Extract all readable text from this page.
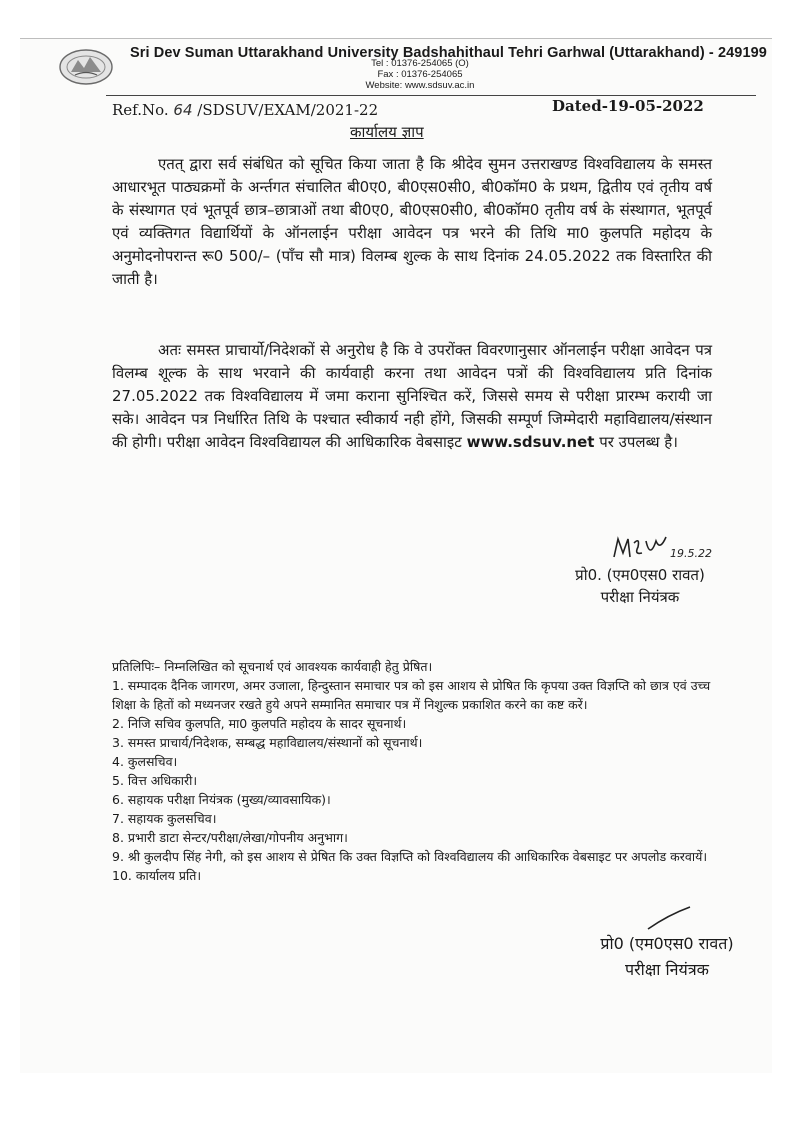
Sri Dev Suman Uttarakhand University Badshahithaul Tehri Garhwal (Uttarakhand) - 249199
Tel : 01376-254065 (O)
Fax : 01376-254065
Website: www.sdsuv.ac.in
Ref.No. 64 /SDSUV/EXAM/2021-22	Dated-19-05-2022
कार्यालय ज्ञाप
एतत् द्वारा सर्व संबंधित को सूचित किया जाता है कि श्रीदेव सुमन उत्तराखण्ड विश्वविद्यालय के समस्त आधारभूत पाठ्यक्रमों के अर्न्तगत संचालित बी0ए0, बी0एस0सी0, बी0कॉम0 के प्रथम, द्वितीय एवं तृतीय वर्ष के संस्थागत एवं भूतपूर्व छात्र–छात्राओं तथा बी0ए0, बी0एस0सी0, बी0कॉम0 तृतीय वर्ष के संस्थागत, भूतपूर्व एवं व्यक्तिगत विद्यार्थियों के ऑनलाईन परीक्षा आवेदन पत्र भरने की तिथि मा0 कुलपति महोदय के अनुमोदनोपरान्त रू0 500/– (पाँच सौ मात्र) विलम्ब शुल्क के साथ दिनांक 24.05.2022 तक विस्तारित की जाती है।
अतः समस्त प्राचार्यो/निदेशकों से अनुरोध है कि वे उपरोंक्त विवरणानुसार ऑनलाईन परीक्षा आवेदन पत्र विलम्ब शूल्क के साथ भरवाने की कार्यवाही करना तथा आवेदन पत्रों की विश्वविद्यालय प्रति दिनांक 27.05.2022 तक विश्वविद्यालय में जमा कराना सुनिश्चित करें, जिससे समय से परीक्षा प्रारम्भ करायी जा सके। आवेदन पत्र निर्धारित तिथि के पश्चात स्वीकार्य नही होंगे, जिसकी सम्पूर्ण जिम्मेदारी महाविद्यालय/संस्थान की होगी। परीक्षा आवेदन विश्वविद्यायल की आधिकारिक वेबसाइट www.sdsuv.net पर उपलब्ध है।
19.5.22
प्रो0. (एम0एस0 रावत)
परीक्षा नियंत्रक
प्रतिलिपिः– निम्नलिखित को सूचनार्थ एवं आवश्यक कार्यवाही हेतु प्रेषित।
1. सम्पादक दैनिक जागरण, अमर उजाला, हिन्दुस्तान समाचार पत्र को इस आशय से प्रोषित कि कृपया उक्त विज्ञप्ति को छात्र एवं उच्च शिक्षा के हितों को मध्यनजर रखते हुये अपने सम्मानित समाचार पत्र में निशुल्क प्रकाशित करने का कष्ट करें।
2. निजि सचिव कुलपति, मा0 कुलपति महोदय के सादर सूचनार्थ।
3. समस्त प्राचार्य/निदेशक, सम्बद्ध महाविद्यालय/संस्थानों को सूचनार्थ।
4. कुलसचिव।
5. वित्त अधिकारी।
6. सहायक परीक्षा नियंत्रक (मुख्य/व्यावसायिक)।
7. सहायक कुलसचिव।
8. प्रभारी डाटा सेन्टर/परीक्षा/लेखा/गोपनीय अनुभाग।
9. श्री कुलदीप सिंह नेगी, को इस आशय से प्रेषित कि उक्त विज्ञप्ति को विश्वविद्यालय की आधिकारिक वेबसाइट पर अपलोड करवायें।
10. कार्यालय प्रति।
प्रो0 (एम0एस0 रावत)
परीक्षा नियंत्रक
